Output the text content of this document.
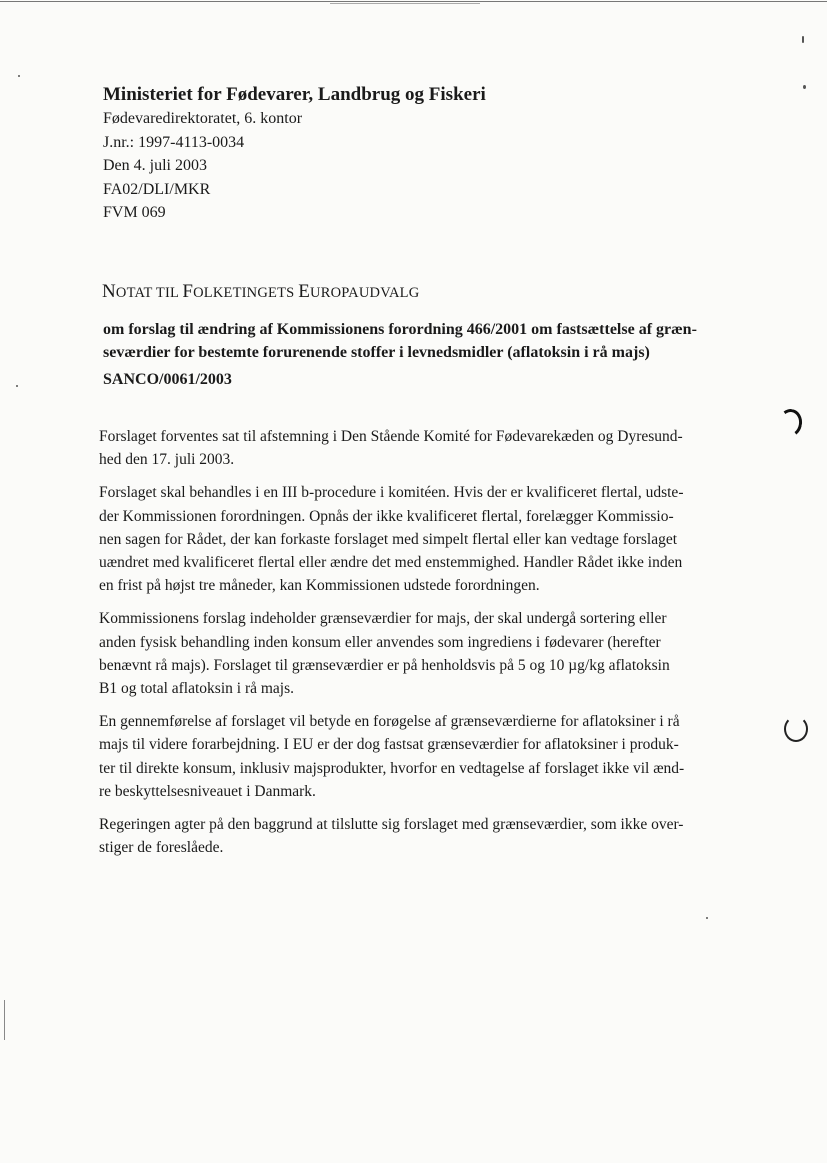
Ministeriet for Fødevarer, Landbrug og Fiskeri

Fødevaredirektoratet, 6. kontor

J.nr.: 1997-4113-0034

Den 4. juli 2003

FA02/DLI/MKR

FVM 069

NOTAT TIL FOLKETINGETS EUROPAUDVALG

om forslag til ændring af Kommissionens forordning 466/2001 om fastsættelse af græn-
seværdier for bestemte forurenende stoffer i levnedsmidler (aflatoksin i rå majs)

SANCO/0061/2003

Forslaget forventes sat til afstemning i Den Stående Komité for Fødevarekæden og Dyresund-
hed den 17. juli 2003.

Forslaget skal behandles i en III b-procedure i komitéen. Hvis der er kvalificeret flertal, udste-
der Kommissionen forordningen. Opnås der ikke kvalificeret flertal, forelægger Kommissio-
nen sagen for Rådet, der kan forkaste forslaget med simpelt flertal eller kan vedtage forslaget
uændret med kvalificeret flertal eller ændre det med enstemmighed. Handler Rådet ikke inden
en frist på højst tre måneder, kan Kommissionen udstede forordningen.

Kommissionens forslag indeholder grænseværdier for majs, der skal undergå sortering eller
anden fysisk behandling inden konsum eller anvendes som ingrediens i fødevarer (herefter
benævnt rå majs). Forslaget til grænseværdier er på henholdsvis på 5 og 10 µg/kg aflatoksin
B1 og total aflatoksin i rå majs.

En gennemførelse af forslaget vil betyde en forøgelse af grænseværdierne for aflatoksiner i rå
majs til videre forarbejdning. I EU er der dog fastsat grænseværdier for aflatoksiner i produk-
ter til direkte konsum, inklusiv majsprodukter, hvorfor en vedtagelse af forslaget ikke vil ænd-
re beskyttelsesniveauet i Danmark.

Regeringen agter på den baggrund at tilslutte sig forslaget med grænseværdier, som ikke over-
stiger de foreslåede.
